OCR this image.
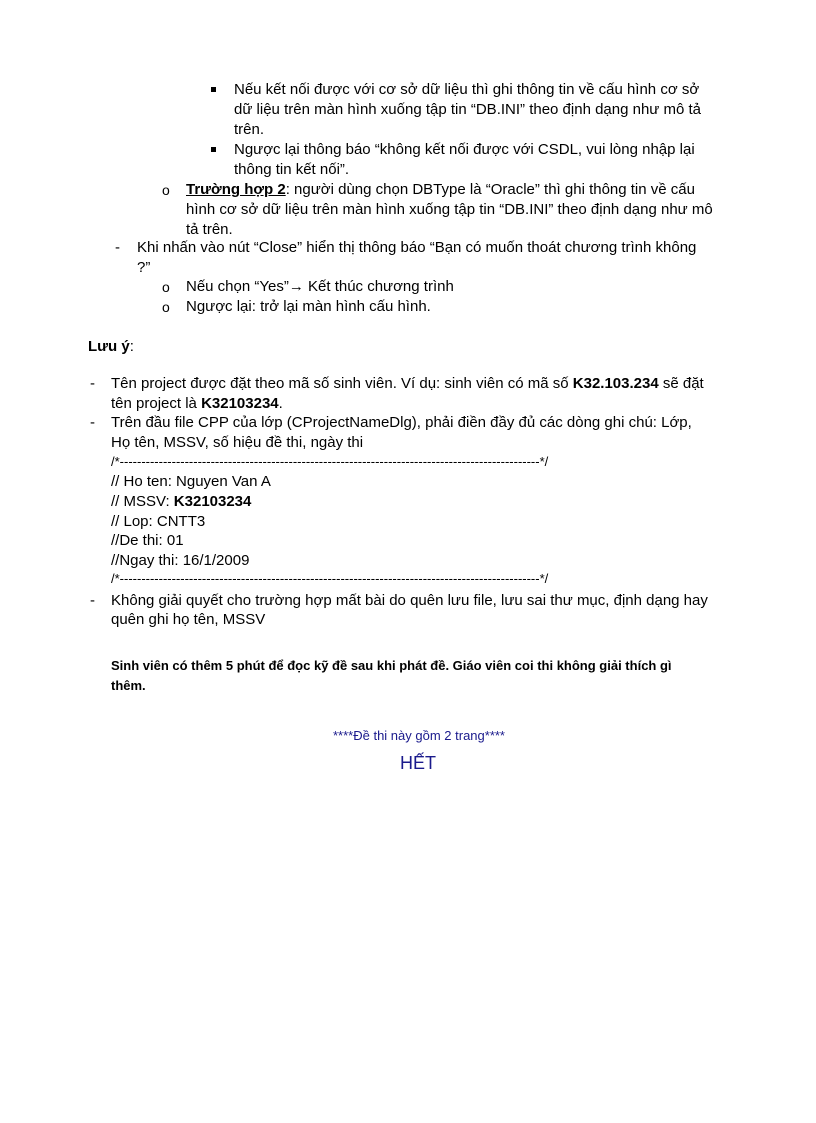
Nếu kết nối được với cơ sở dữ liệu thì ghi thông tin về cấu hình cơ sở
dữ liệu trên màn hình xuống tập tin “DB.INI” theo định dạng như mô tả
trên.
Ngược lại thông báo “không kết nối được với CSDL, vui lòng nhập lại
thông tin kết nối”.
o Trường hợp 2: người dùng chọn DBType là “Oracle” thì ghi thông tin về cấu
hình cơ sở dữ liệu trên màn hình xuống tập tin “DB.INI” theo định dạng như mô
tả trên.
- Khi nhấn vào nút “Close” hiển thị thông báo “Bạn có muốn thoát chương trình không
?”
o Nếu chọn “Yes”→ Kết thúc chương trình
o Ngược lại: trở lại màn hình cấu hình.
Lưu ý:
- Tên project được đặt theo mã số sinh viên. Ví dụ: sinh viên có mã số K32.103.234 sẽ đặt
tên project là K32103234.
- Trên đầu file CPP của lớp (CProjectNameDlg), phải điền đầy đủ các dòng ghi chú: Lớp,
Họ tên, MSSV, số hiệu đề thi, ngày thi
/*-------------------------------------------------------------------------------------------------*/
// Ho ten: Nguyen Van A
// MSSV: K32103234
// Lop: CNTT3
//De thi: 01
//Ngay thi: 16/1/2009
/*-------------------------------------------------------------------------------------------------*/
- Không giải quyết cho trường hợp mất bài do quên lưu file, lưu sai thư mục, định dạng hay
quên ghi họ tên, MSSV
Sinh viên có thêm 5 phút để đọc kỹ đề sau khi phát đề. Giáo viên coi thi không giải thích gì
thêm.
****Đề thi này gồm 2 trang****
HẾT
